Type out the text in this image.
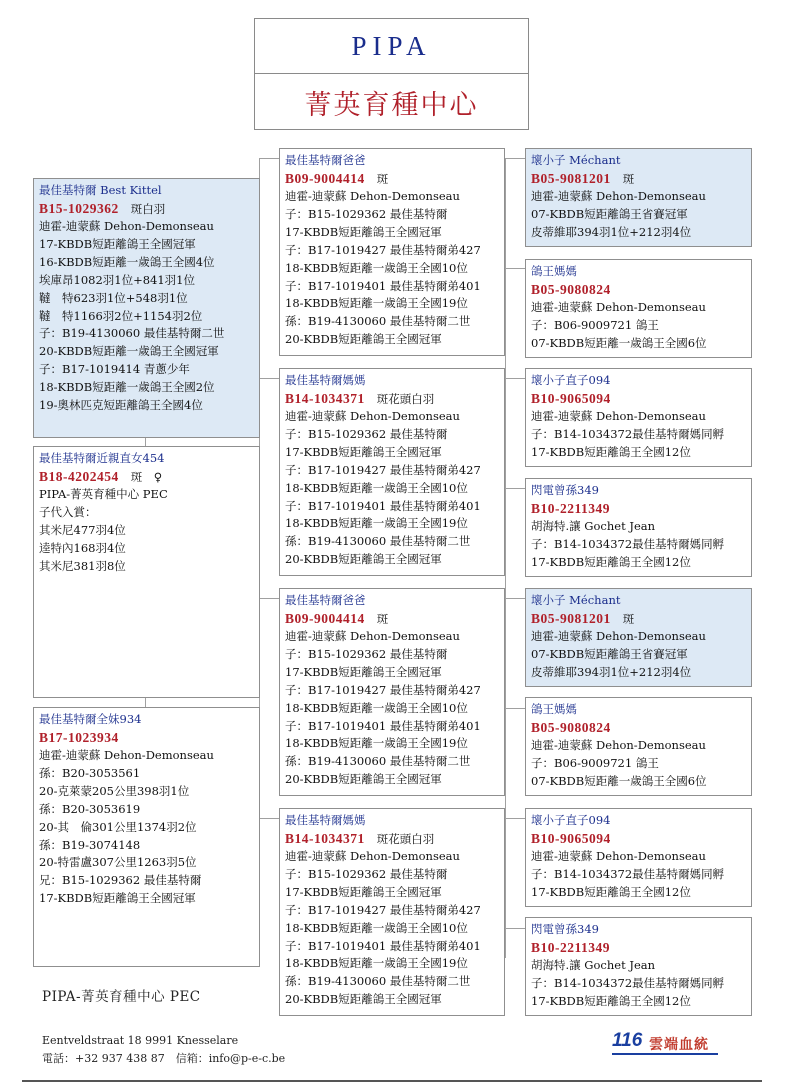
PIPA
菁英育種中心
最佳基特爾 Best Kittel
B15-1029362 斑白羽
迪霍-迪蒙蘇 Dehon-Demonseau
17-KBDB短距離鴿王全國冠軍
16-KBDB短距離一歲鴿王全國4位
埃庫昂1082羽1位+841羽1位
韃　特623羽1位+548羽1位
韃　特1166羽2位+1154羽2位
子：B19-4130060 最佳基特爾二世
20-KBDB短距離一歲鴿王全國冠軍
子：B17-1019414 青蔥少年
18-KBDB短距離一歲鴿王全國2位
19-奧林匹克短距離鴿王全國4位
最佳基特爾近親直女454
B18-4202454 斑　♀
PIPA-菁英育種中心 PEC
子代入賞：
其米尼477羽4位
逵特內168羽4位
其米尼381羽8位
最佳基特爾全妹934
B17-1023934
迪霍-迪蒙蘇 Dehon-Demonseau
孫：B20-3053561
20-克萊蒙205公里398羽1位
孫：B20-3053619
20-其　倫301公里1374羽2位
孫：B19-3074148
20-特雷盧307公里1263羽5位
兄：B15-1029362 最佳基特爾
17-KBDB短距離鴿王全國冠軍
最佳基特爾爸爸
B09-9004414 斑
迪霍-迪蒙蘇 Dehon-Demonseau
子：B15-1029362 最佳基特爾
17-KBDB短距離鴿王全國冠軍
子：B17-1019427 最佳基特爾弟427
18-KBDB短距離一歲鴿王全國10位
子：B17-1019401 最佳基特爾弟401
18-KBDB短距離一歲鴿王全國19位
孫：B19-4130060 最佳基特爾二世
20-KBDB短距離鴿王全國冠軍
最佳基特爾媽媽
B14-1034371 斑花頭白羽
迪霍-迪蒙蘇 Dehon-Demonseau
子：B15-1029362 最佳基特爾
17-KBDB短距離鴿王全國冠軍
子：B17-1019427 最佳基特爾弟427
18-KBDB短距離一歲鴿王全國10位
子：B17-1019401 最佳基特爾弟401
18-KBDB短距離一歲鴿王全國19位
孫：B19-4130060 最佳基特爾二世
20-KBDB短距離鴿王全國冠軍
最佳基特爾爸爸
B09-9004414 斑
迪霍-迪蒙蘇 Dehon-Demonseau
子：B15-1029362 最佳基特爾
17-KBDB短距離鴿王全國冠軍
子：B17-1019427 最佳基特爾弟427
18-KBDB短距離一歲鴿王全國10位
子：B17-1019401 最佳基特爾弟401
18-KBDB短距離一歲鴿王全國19位
孫：B19-4130060 最佳基特爾二世
20-KBDB短距離鴿王全國冠軍
最佳基特爾媽媽
B14-1034371 斑花頭白羽
迪霍-迪蒙蘇 Dehon-Demonseau
子：B15-1029362 最佳基特爾
17-KBDB短距離鴿王全國冠軍
子：B17-1019427 最佳基特爾弟427
18-KBDB短距離一歲鴿王全國10位
子：B17-1019401 最佳基特爾弟401
18-KBDB短距離一歲鴿王全國19位
孫：B19-4130060 最佳基特爾二世
20-KBDB短距離鴿王全國冠軍
壞小子 Méchant
B05-9081201 斑
迪霍-迪蒙蘇 Dehon-Demonseau
07-KBDB短距離鴿王省賽冠軍
皮蒂維耶394羽1位+212羽4位
鴿王媽媽
B05-9080824
迪霍-迪蒙蘇 Dehon-Demonseau
子：B06-9009721 鴿王
07-KBDB短距離一歲鴿王全國6位
壞小子直子094
B10-9065094
迪霍-迪蒙蘇 Dehon-Demonseau
子：B14-1034372最佳基特爾媽同孵
17-KBDB短距離鴿王全國12位
閃電曾孫349
B10-2211349
胡海特.讓 Gochet Jean
子：B14-1034372最佳基特爾媽同孵
17-KBDB短距離鴿王全國12位
壞小子 Méchant
B05-9081201 斑
迪霍-迪蒙蘇 Dehon-Demonseau
07-KBDB短距離鴿王省賽冠軍
皮蒂維耶394羽1位+212羽4位
鴿王媽媽
B05-9080824
迪霍-迪蒙蘇 Dehon-Demonseau
子：B06-9009721 鴿王
07-KBDB短距離一歲鴿王全國6位
壞小子直子094
B10-9065094
迪霍-迪蒙蘇 Dehon-Demonseau
子：B14-1034372最佳基特爾媽同孵
17-KBDB短距離鴿王全國12位
閃電曾孫349
B10-2211349
胡海特.讓 Gochet Jean
子：B14-1034372最佳基特爾媽同孵
17-KBDB短距離鴿王全國12位
PIPA-菁英育種中心 PEC
Eentveldstraat 18 9991 Knesselare
電話：+32 937 438 87　信箱：info@p-e-c.be
116 雲端血統
